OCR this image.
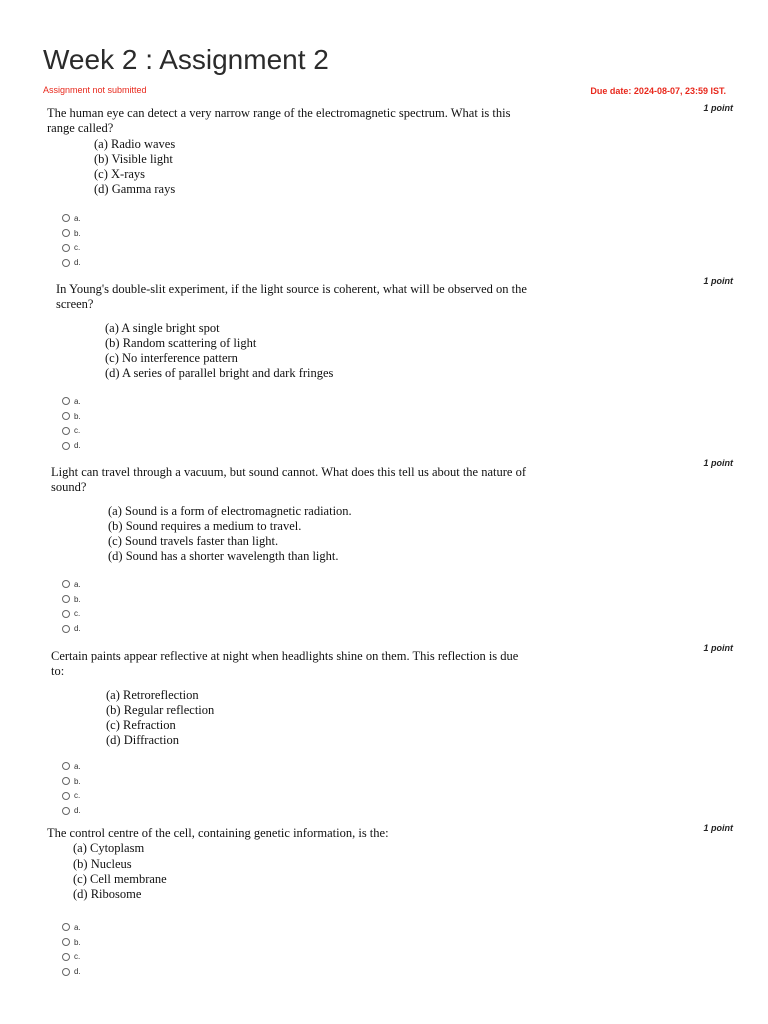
Week 2 : Assignment 2
Assignment not submitted	Due date: 2024-08-07, 23:59 IST.
1 point
The human eye can detect a very narrow range of the electromagnetic spectrum. What is this range called?
(a) Radio waves
(b) Visible light
(c) X-rays
(d) Gamma rays
a.
b.
c.
d.
1 point
In Young's double-slit experiment, if the light source is coherent, what will be observed on the screen?
(a) A single bright spot
(b) Random scattering of light
(c) No interference pattern
(d) A series of parallel bright and dark fringes
a.
b.
c.
d.
1 point
Light can travel through a vacuum, but sound cannot. What does this tell us about the nature of sound?
(a) Sound is a form of electromagnetic radiation.
(b) Sound requires a medium to travel.
(c) Sound travels faster than light.
(d) Sound has a shorter wavelength than light.
a.
b.
c.
d.
1 point
Certain paints appear reflective at night when headlights shine on them. This reflection is due to:
(a) Retroreflection
(b) Regular reflection
(c) Refraction
(d) Diffraction
a.
b.
c.
d.
1 point
The control centre of the cell, containing genetic information, is the:
(a) Cytoplasm
(b) Nucleus
(c) Cell membrane
(d) Ribosome
a.
b.
c.
d.
